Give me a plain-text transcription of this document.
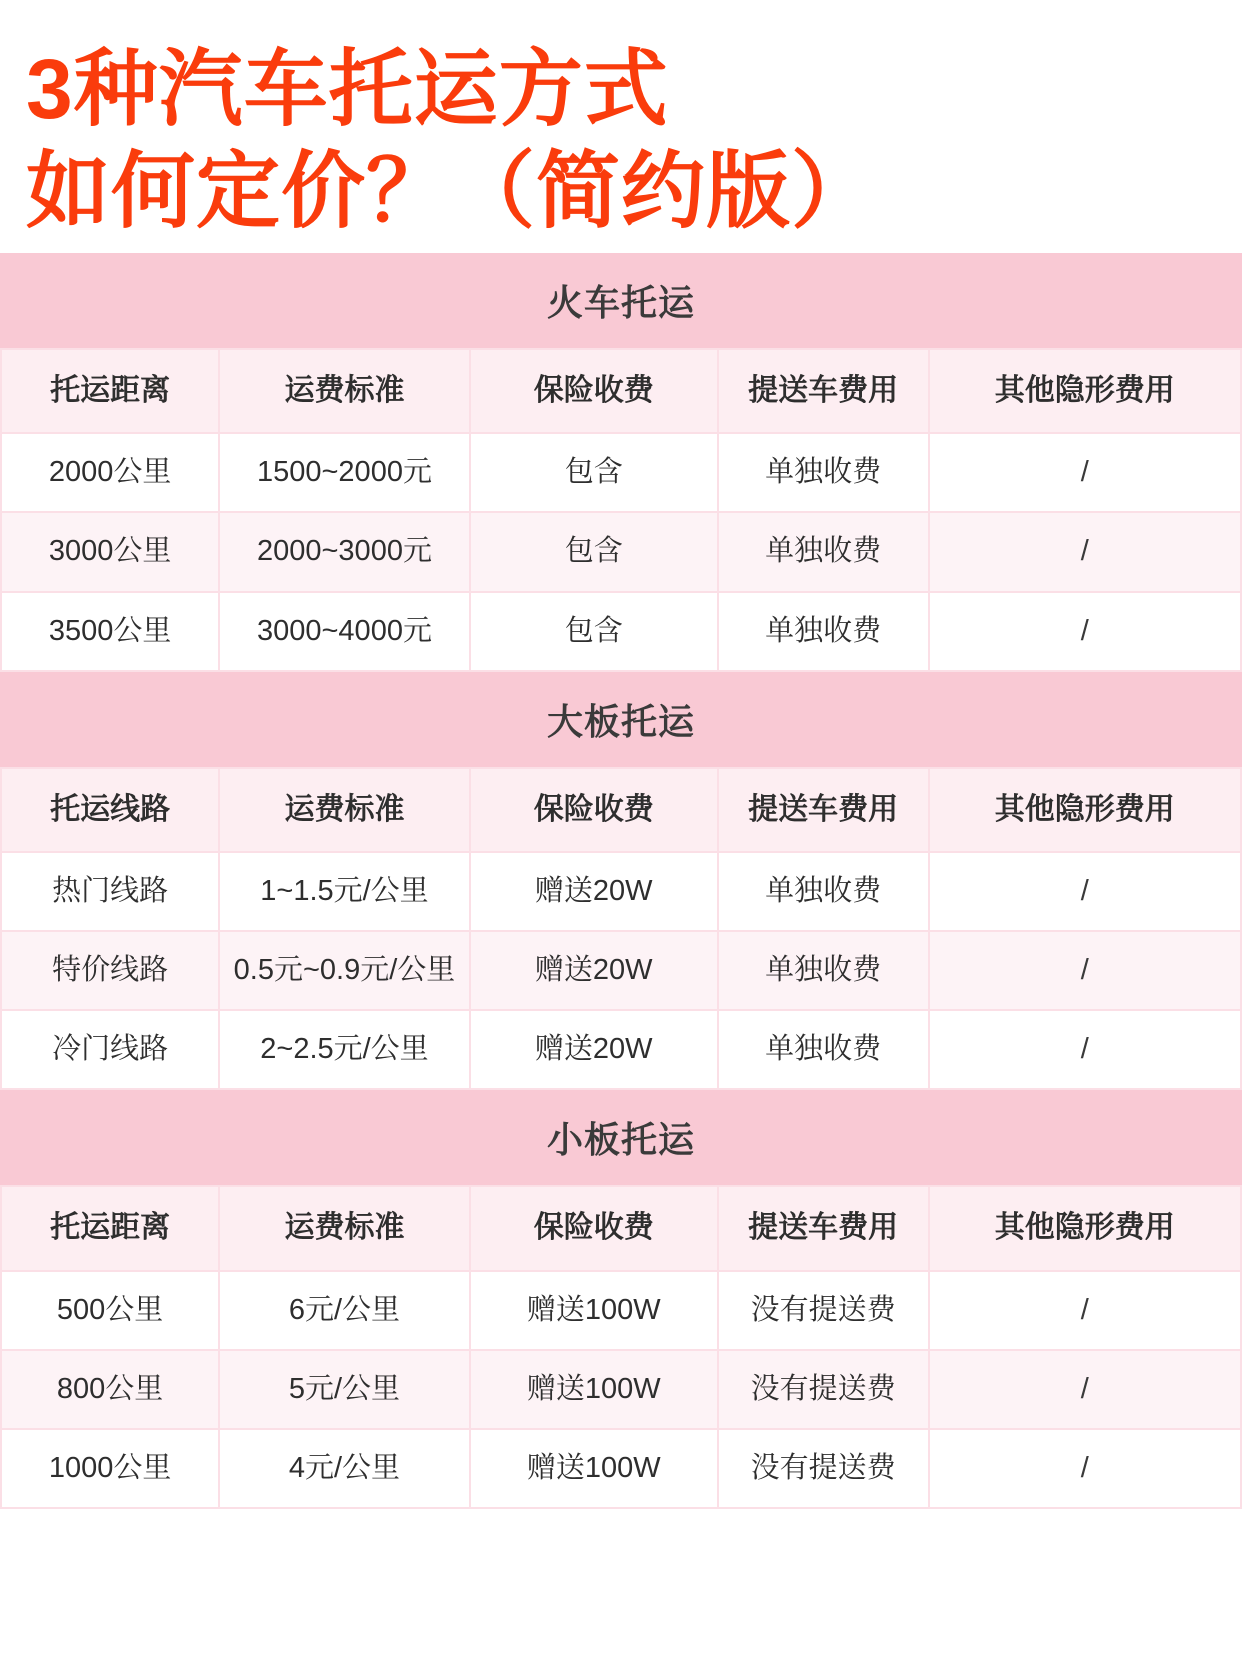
3种汽车托运方式
如何定价？（简约版）
火车托运
托运距离	运费标准	保险收费	提送车费用	其他隐形费用
2000公里	1500~2000元	包含	单独收费	/
3000公里	2000~3000元	包含	单独收费	/
3500公里	3000~4000元	包含	单独收费	/
大板托运
托运线路	运费标准	保险收费	提送车费用	其他隐形费用
热门线路	1~1.5元/公里	赠送20W	单独收费	/
特价线路	0.5元~0.9元/公里	赠送20W	单独收费	/
冷门线路	2~2.5元/公里	赠送20W	单独收费	/
小板托运
托运距离	运费标准	保险收费	提送车费用	其他隐形费用
500公里	6元/公里	赠送100W	没有提送费	/
800公里	5元/公里	赠送100W	没有提送费	/
1000公里	4元/公里	赠送100W	没有提送费	/
